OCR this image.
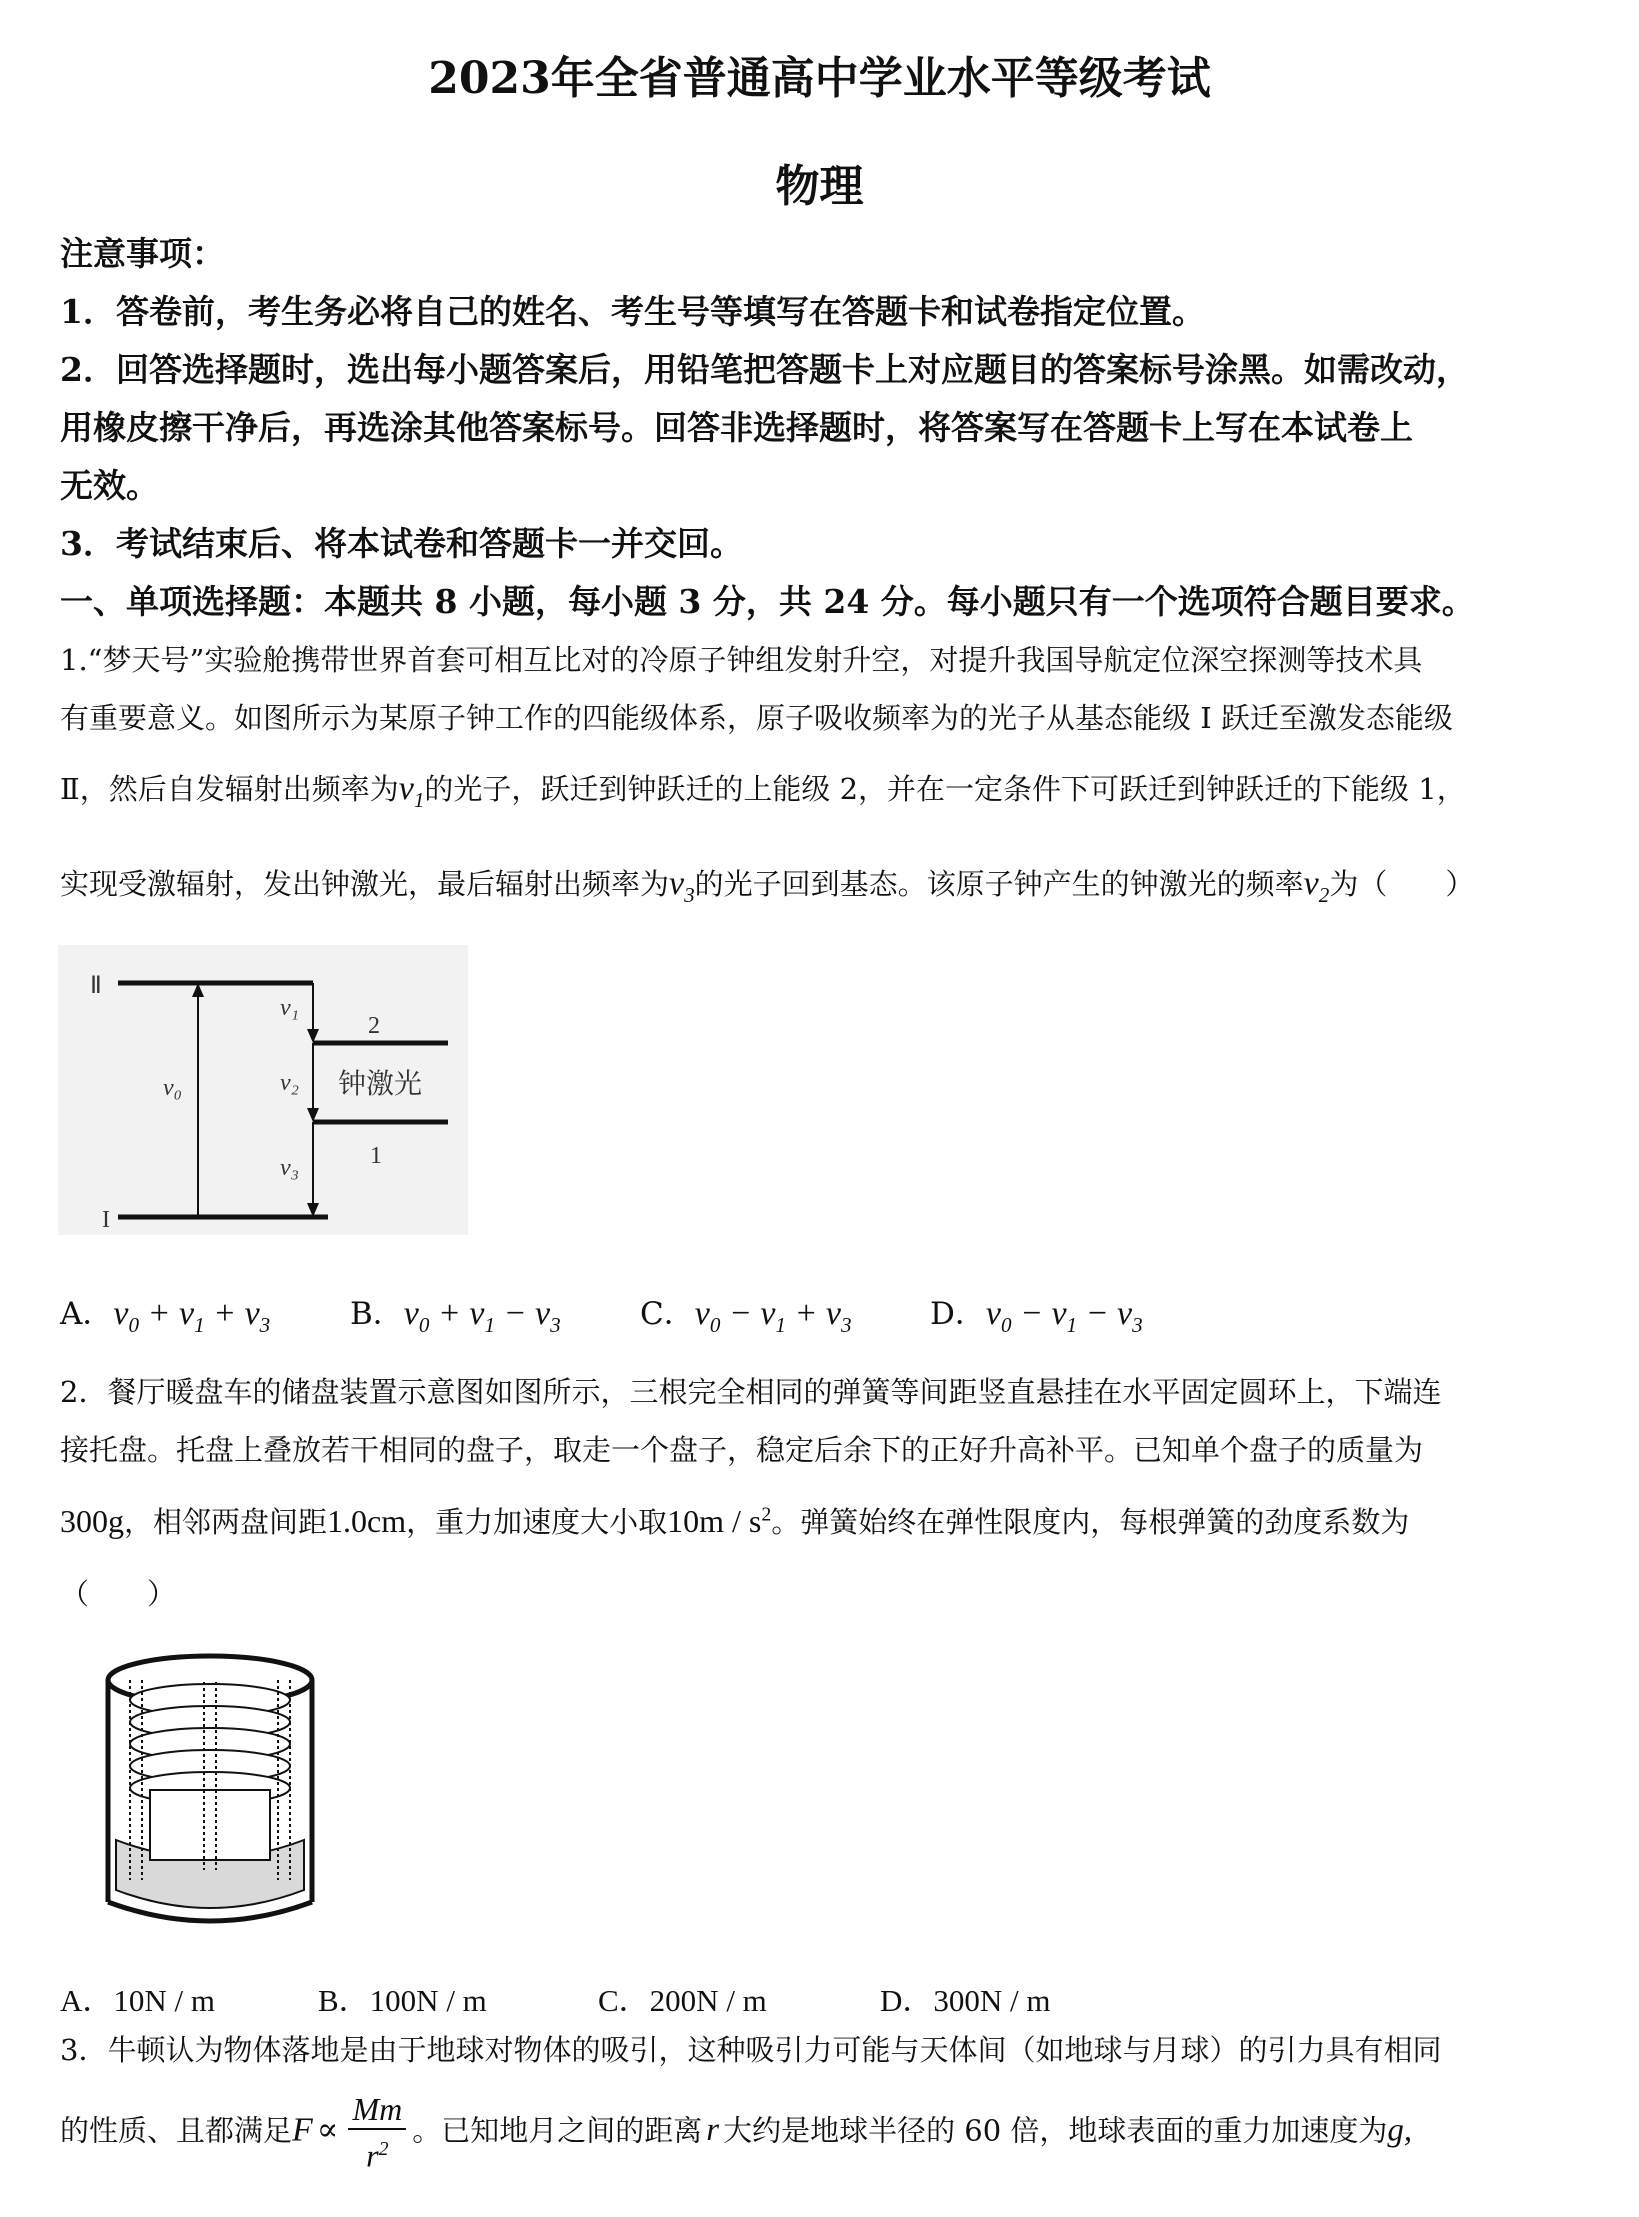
2023年全省普通高中学业水平等级考试
物理
注意事项：
1．答卷前，考生务必将自己的姓名、考生号等填写在答题卡和试卷指定位置。
2．回答选择题时，选出每小题答案后，用铅笔把答题卡上对应题目的答案标号涂黑。如需改动，
用橡皮擦干净后，再选涂其他答案标号。回答非选择题时，将答案写在答题卡上写在本试卷上
无效。
3．考试结束后、将本试卷和答题卡一并交回。
一、单项选择题：本题共 8 小题，每小题 3 分，共 24 分。每小题只有一个选项符合题目要求。
1.“梦天号”实验舱携带世界首套可相互比对的冷原子钟组发射升空，对提升我国导航定位深空探测等技术具
有重要意义。如图所示为某原子钟工作的四能级体系，原子吸收频率为的光子从基态能级 I 跃迁至激发态能级
Ⅱ，然后自发辐射出频率为$v_1$的光子，跃迁到钟跃迁的上能级 2，并在一定条件下可跃迁到钟跃迁的下能级 1，
实现受激辐射，发出钟激光，最后辐射出频率为$v_3$的光子回到基态。该原子钟产生的钟激光的频率$v_2$为（　　）
Ⅱ
I
2
1
ν₀
ν₁
ν₂
ν₃
钟激光
A．$v_0 + v_1 + v_3$	B．$v_0 + v_1 - v_3$	C．$v_0 - v_1 + v_3$	D．$v_0 - v_1 - v_3$
2．餐厅暖盘车的储盘装置示意图如图所示，三根完全相同的弹簧等间距竖直悬挂在水平固定圆环上，下端连
接托盘。托盘上叠放若干相同的盘子，取走一个盘子，稳定后余下的正好升高补平。已知单个盘子的质量为
300g，相邻两盘间距1.0cm，重力加速度大小取$10m / s^2$。弹簧始终在弹性限度内，每根弹簧的劲度系数为
（　　）
A．10N / m	B．100N / m	C．200N / m	D．300N / m
3．牛顿认为物体落地是由于地球对物体的吸引，这种吸引力可能与天体间（如地球与月球）的引力具有相同
的性质、且都满足$F \propto \frac{Mm}{r^2}$ 。已知地月之间的距离 r 大约是地球半径的 60 倍，地球表面的重力加速度为g,
